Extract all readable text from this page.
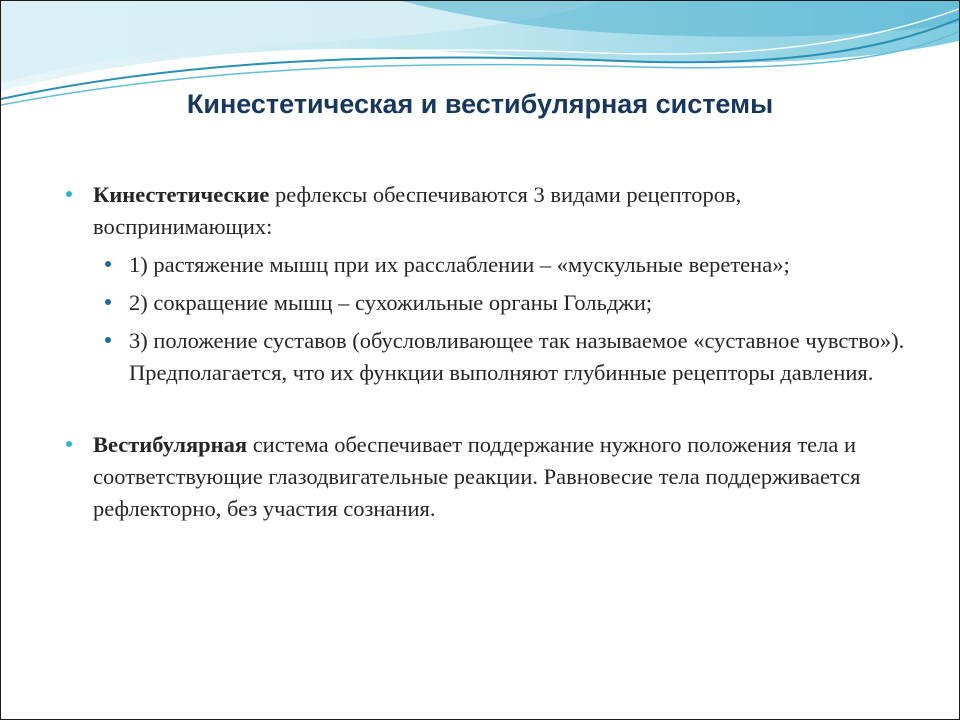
Кинестетическая и вестибулярная системы
Кинестетические рефлексы обеспечиваются 3 видами рецепторов, воспринимающих:
1) растяжение мышц при их расслаблении – «мускульные веретена»;
2) сокращение мышц – сухожильные органы Гольджи;
3) положение суставов (обусловливающее так называемое «суставное чувство»). Предполагается, что их функции выполняют глубинные рецепторы давления.
Вестибулярная система обеспечивает поддержание нужного положения тела и соответствующие глазодвигательные реакции. Равновесие тела поддерживается рефлекторно, без участия сознания.
